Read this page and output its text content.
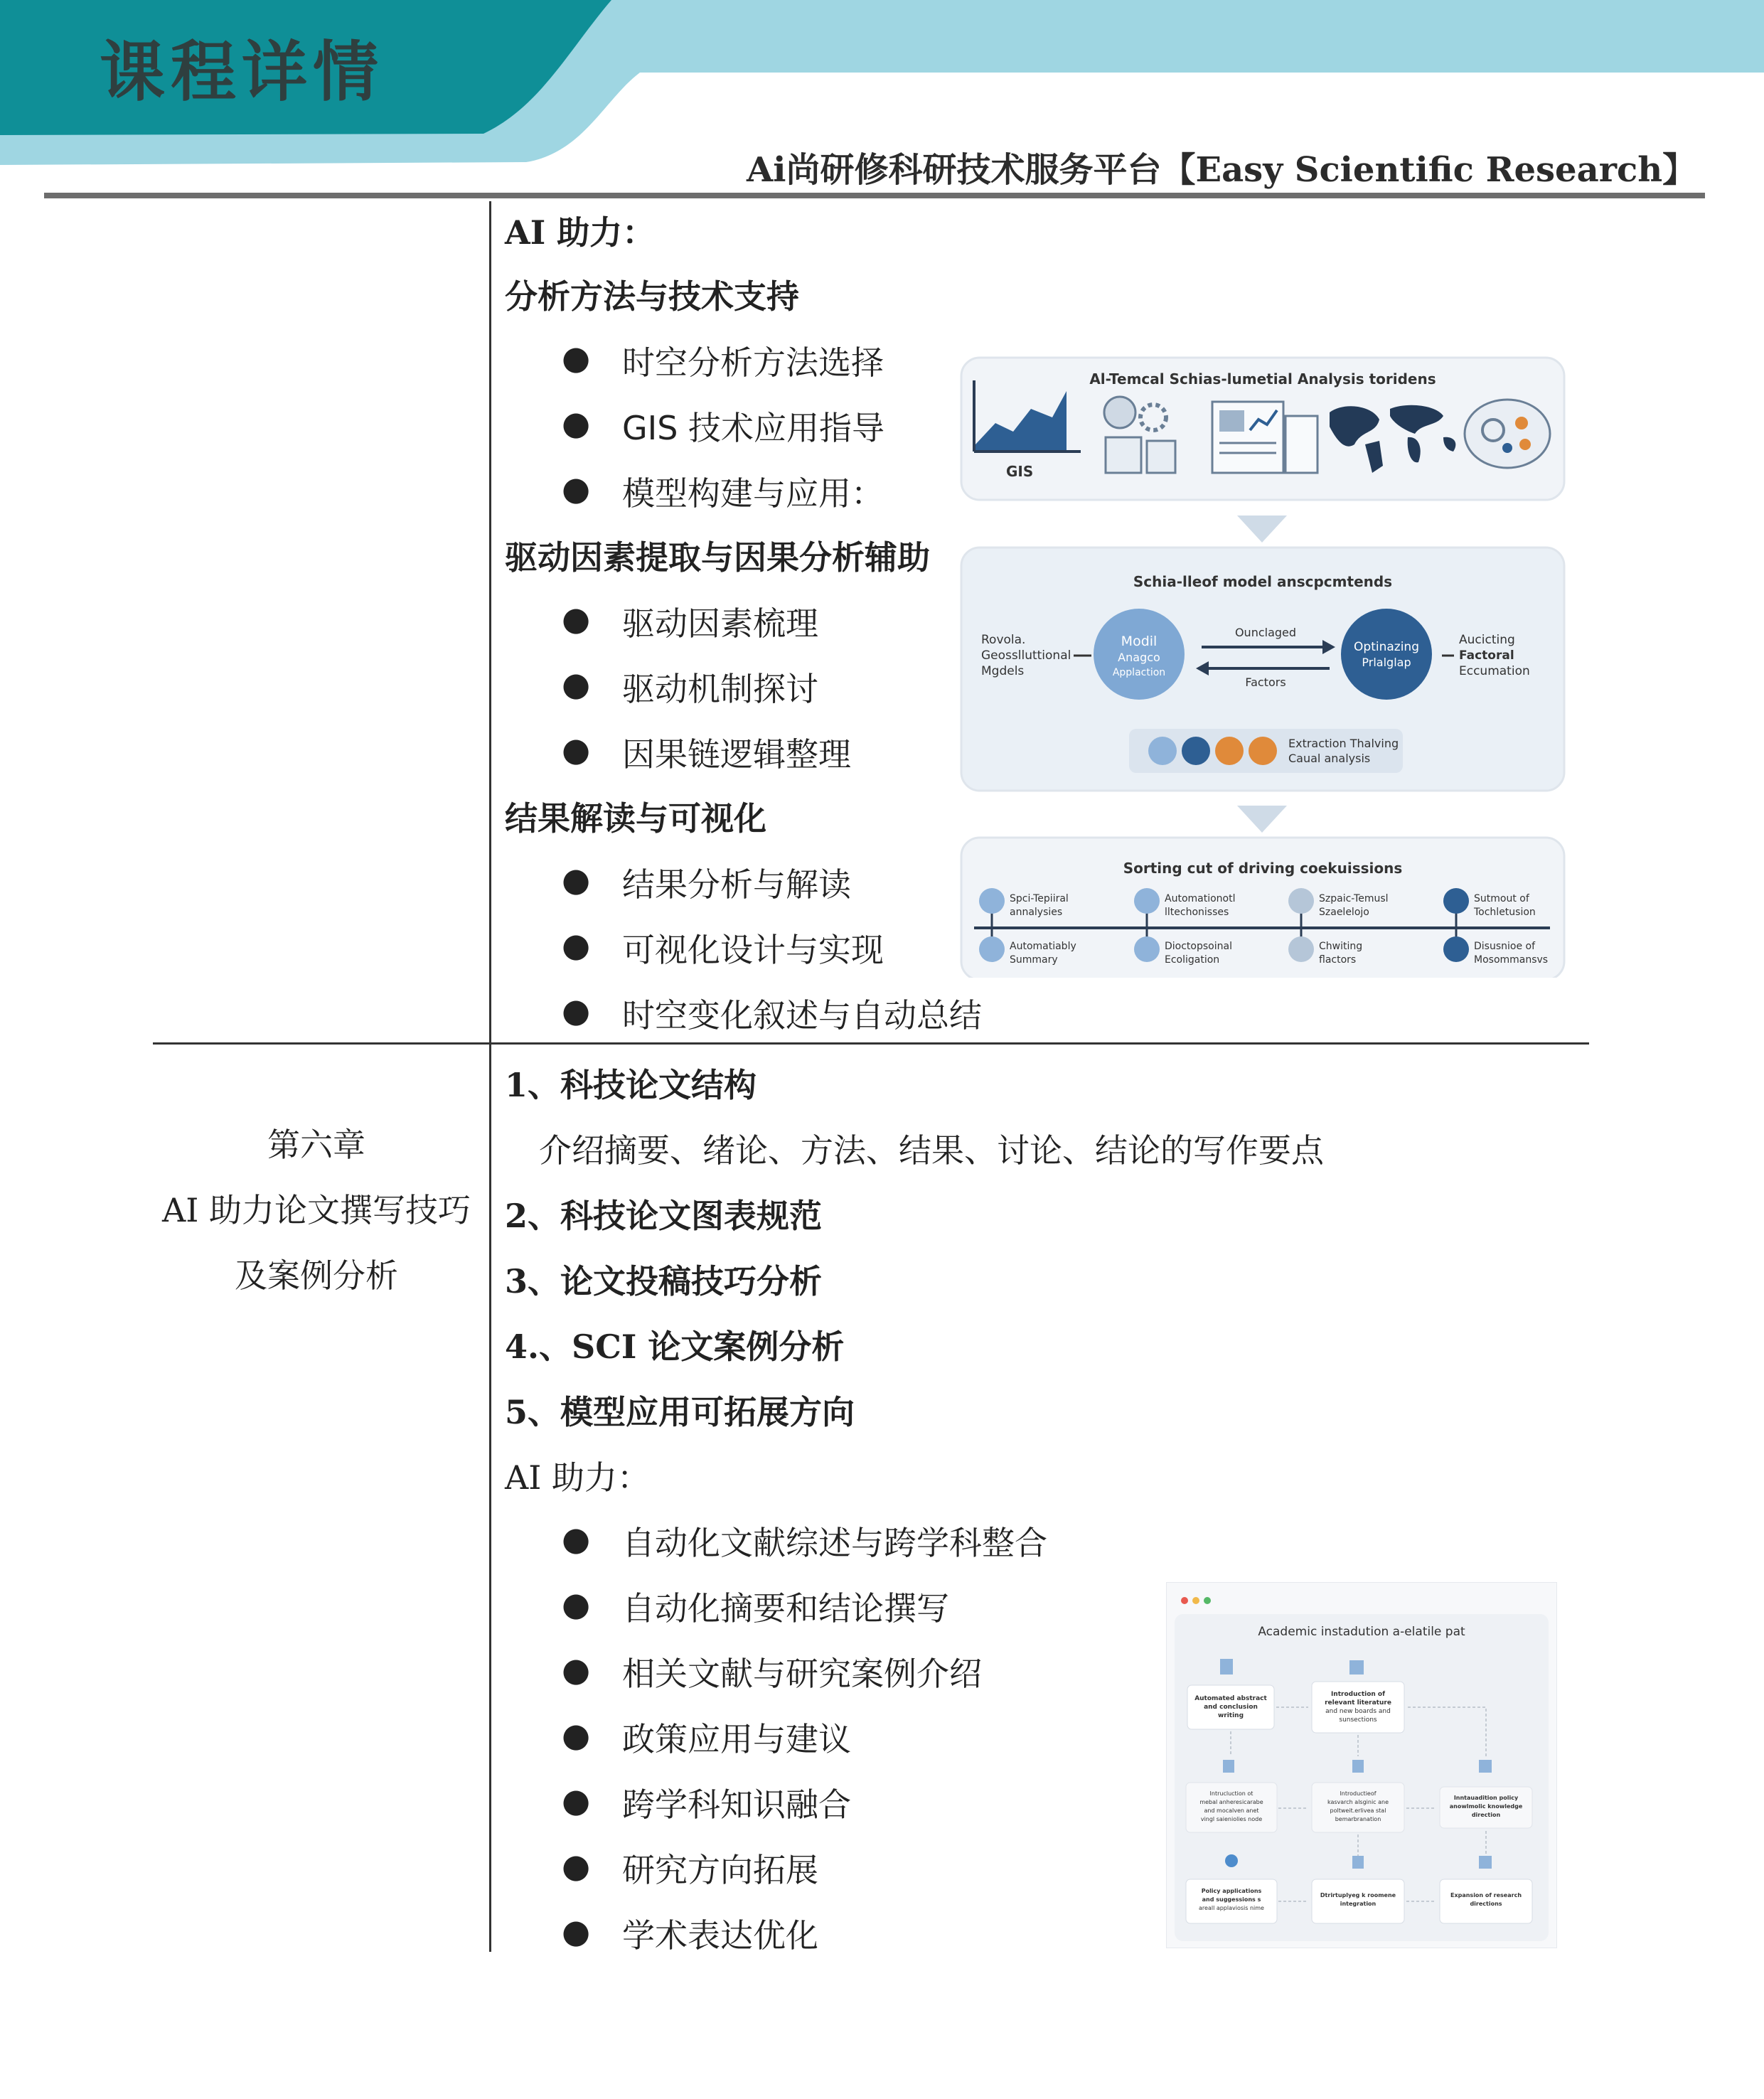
课程详情
Ai尚研修科研技术服务平台【Easy Scientific Research】
AI 助力：
分析方法与技术支持
● 时空分析方法选择
● GIS 技术应用指导
● 模型构建与应用：
驱动因素提取与因果分析辅助
● 驱动因素梳理
● 驱动机制探讨
● 因果链逻辑整理
结果解读与可视化
● 结果分析与解读
● 可视化设计与实现
● 时空变化叙述与自动总结
Al-Temcal Schias-lumetial Analysis toridens
GIS
Schia-lleof model anscpcmtends
Rovola.
Geosslluttional
Mgdels
Modil
Anagco
Applaction
Ounclaged
Factors
Optinazing
Prlalglap
Aucicting
Factoral
Eccumation
Extraction Thalving
Caual analysis
Sorting cut of driving coekuissions
Spci-Tepiiral
annalysies
Automationotl
lltechonisses
Szpaic-Temusl
Szaelelojo
Sutmout of
Tochletusion
Automatiably
Summary
Dioctopsoinal
Ecoligation
Chwiting
flactors
Disusnioe of
Mosommansvs
第六章
AI 助力论文撰写技巧
及案例分析
1、科技论文结构
介绍摘要、绪论、方法、结果、讨论、结论的写作要点
2、科技论文图表规范
3、论文投稿技巧分析
4.、SCI 论文案例分析
5、模型应用可拓展方向
AI 助力：
● 自动化文献综述与跨学科整合
● 自动化摘要和结论撰写
● 相关文献与研究案例介绍
● 政策应用与建议
● 跨学科知识融合
● 研究方向拓展
● 学术表达优化
Academic instadution a-elatile pat
Automated abstract
and conclusion
writing
Introduction of
relevant literature
and new boards and
sunsections
Intrucluction ot
mebal anheresicarabe
and mocalven anet
vingl saieniolies node
Introductieof
kasvarch alsginic ane
poltweit.erlivea stal
bemarbranation
Inntauadition policy
anowlmolic knowledge
direction
Policy applications
and suggessions s
areall applaviosis nime
Dtrirtuplyeg k roomene
integration
Expansion of research
directions
